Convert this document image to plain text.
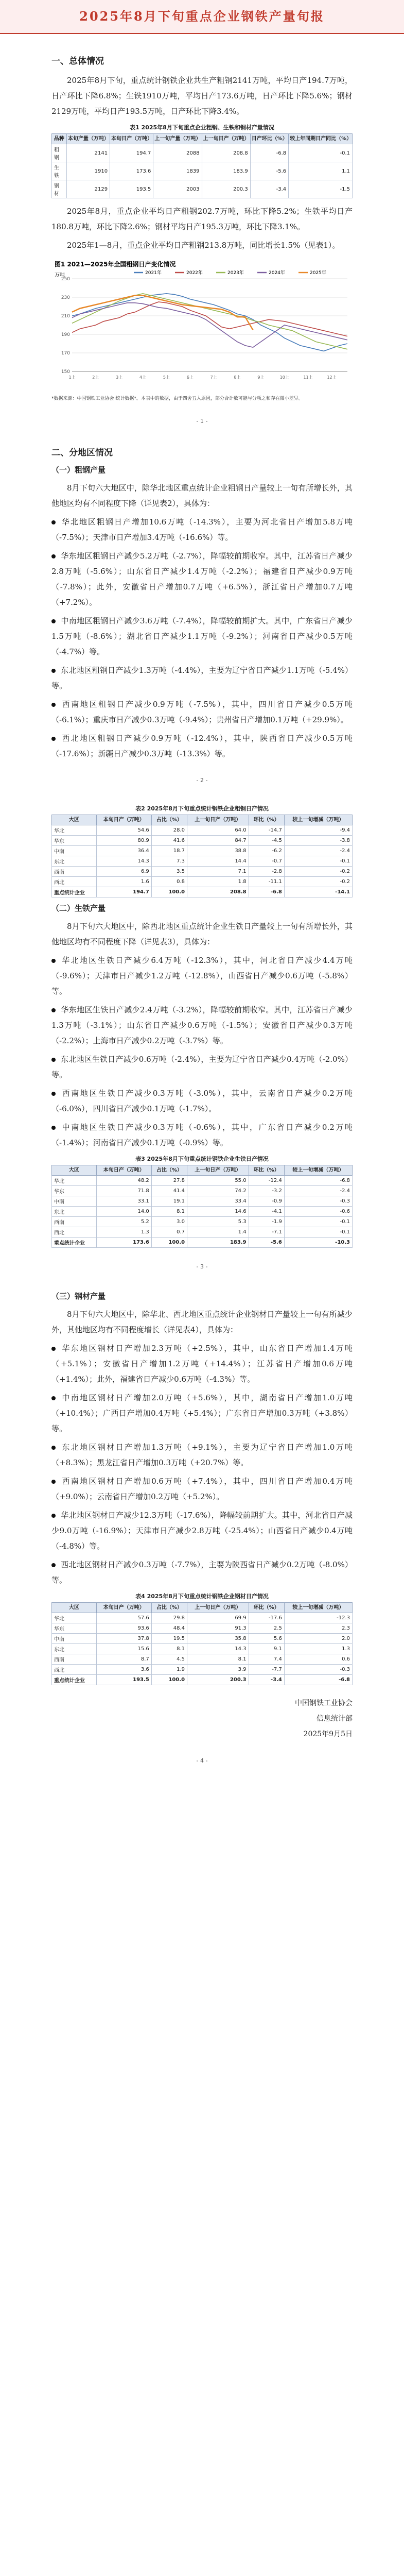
2025年8月下旬重点企业钢铁产量旬报
一、总体情况

2025年8月下旬，重点统计钢铁企业共生产粗钢2141万吨，平均日产194.7万吨，日产环比下降6.8%；生铁1910万吨，平均日产173.6万吨，日产环比下降5.6%；钢材2129万吨，平均日产193.5万吨，日产环比下降3.4%。

表1 2025年8月下旬重点企业粗钢、生铁和钢材产量情况
品种	本旬产量（万吨）	本旬日产（万吨）	上一旬产量（万吨）	上一旬日产（万吨）	日产环比（%）	较上年同期日产同比（%）
粗钢	2141	194.7	2088	208.8	-6.8	-0.1
生铁	1910	173.6	1839	183.9	-5.6	1.1
钢材	2129	193.5	2003	200.3	-3.4	-1.5

2025年8月，重点企业平均日产粗钢202.7万吨，环比下降5.2%；生铁平均日产180.8万吨，环比下降2.6%；钢材平均日产195.3万吨，环比下降3.1%。

2025年1—8月，重点企业平均日产粗钢213.8万吨，同比增长1.5%（见表1）。

图1 2021—2025年全国粗钢日产变化情况
万吨
150
170
190
210
230
250
1上	2上	3上	4上	5上	6上	7上	8上	9上	10上	11上	12上
2021年	2022年	2023年	2024年	2025年
*数据来源：中国钢铁工业协会 统计数据*。本表中的数据，由于四舍五入原因，部分合计数可能与分项之和存在微小差异。
- 1 -
二、分地区情况
（一）粗钢产量

8月下旬六大地区中，除华北地区重点统计企业粗钢日产量较上一旬有所增长外，其他地区均有不同程度下降（详见表2），具体为：

华北地区粗钢日产增加10.6万吨（-14.3%），主要为河北省日产增加5.8万吨（-7.5%）；天津市日产增加3.4万吨（-16.6%）等。

华东地区粗钢日产减少5.2万吨（-2.7%），降幅较前期收窄。其中，江苏省日产减少2.8万吨（-5.6%）；山东省日产减少1.4万吨（-2.2%）；福建省日产减少0.9万吨（-7.8%）；此外，安徽省日产增加0.7万吨（+6.5%），浙江省日产增加0.7万吨（+7.2%）。

中南地区粗钢日产减少3.6万吨（-7.4%），降幅较前期扩大。其中，广东省日产减少1.5万吨（-8.6%）；湖北省日产减少1.1万吨（-9.2%）；河南省日产减少0.5万吨（-4.7%）等。

东北地区粗钢日产减少1.3万吨（-4.4%），主要为辽宁省日产减少1.1万吨（-5.4%）等。

西南地区粗钢日产减少0.9万吨（-7.5%），其中，四川省日产减少0.5万吨（-6.1%）；重庆市日产减少0.3万吨（-9.4%）；贵州省日产增加0.1万吨（+29.9%）。

西北地区粗钢日产减少0.9万吨（-12.4%），其中，陕西省日产减少0.5万吨（-17.6%）；新疆日产减少0.3万吨（-13.3%）等。

- 2 -
表2 2025年8月下旬重点统计钢铁企业粗钢日产情况
大区	本旬日产（万吨）	占比（%）	上一旬日产（万吨）	环比（%）	较上一旬增减（万吨）
华北	54.6	28.0	64.0	-14.7	-9.4
华东	80.9	41.6	84.7	-4.5	-3.8
中南	36.4	18.7	38.8	-6.2	-2.4
东北	14.3	7.3	14.4	-0.7	-0.1
西南	6.9	3.5	7.1	-2.8	-0.2
西北	1.6	0.8	1.8	-11.1	-0.2
重点统计企业	194.7	100.0	208.8	-6.8	-14.1
（二）生铁产量

8月下旬六大地区中，除西北地区重点统计企业生铁日产量较上一旬有所增长外，其他地区均有不同程度下降（详见表3），具体为：

华北地区生铁日产减少6.4万吨（-12.3%），其中，河北省日产减少4.4万吨（-9.6%）；天津市日产减少1.2万吨（-12.8%），山西省日产减少0.6万吨（-5.8%）等。

华东地区生铁日产减少2.4万吨（-3.2%），降幅较前期收窄。其中，江苏省日产减少1.3万吨（-3.1%）；山东省日产减少0.6万吨（-1.5%）；安徽省日产减少0.3万吨（-2.2%）；上海市日产减少0.2万吨（-3.7%）等。

东北地区生铁日产减少0.6万吨（-2.4%），主要为辽宁省日产减少0.4万吨（-2.0%）等。

西南地区生铁日产减少0.3万吨（-3.0%），其中，云南省日产减少0.2万吨（-6.0%），四川省日产减少0.1万吨（-1.7%）。

中南地区生铁日产减少0.3万吨（-0.6%），其中，广东省日产减少0.2万吨（-1.4%）；河南省日产减少0.1万吨（-0.9%）等。

表3 2025年8月下旬重点统计钢铁企业生铁日产情况
大区	本旬日产（万吨）	占比（%）	上一旬日产（万吨）	环比（%）	较上一旬增减（万吨）
华北	48.2	27.8	55.0	-12.4	-6.8
华东	71.8	41.4	74.2	-3.2	-2.4
中南	33.1	19.1	33.4	-0.9	-0.3
东北	14.0	8.1	14.6	-4.1	-0.6
西南	5.2	3.0	5.3	-1.9	-0.1
西北	1.3	0.7	1.4	-7.1	-0.1
重点统计企业	173.6	100.0	183.9	-5.6	-10.3
- 3 -
（三）钢材产量

8月下旬六大地区中，除华北、西北地区重点统计企业钢材日产量较上一旬有所减少外，其他地区均有不同程度增长（详见表4），具体为：

华东地区钢材日产增加2.3万吨（+2.5%），其中，山东省日产增加1.4万吨（+5.1%）；安徽省日产增加1.2万吨（+14.4%）；江苏省日产增加0.6万吨（+1.4%）；此外，福建省日产减少0.6万吨（-4.3%）等。

中南地区钢材日产增加2.0万吨（+5.6%），其中，湖南省日产增加1.0万吨（+10.4%）；广西日产增加0.4万吨（+5.4%）；广东省日产增加0.3万吨（+3.8%）等。

东北地区钢材日产增加1.3万吨（+9.1%），主要为辽宁省日产增加1.0万吨（+8.3%）；黑龙江省日产增加0.3万吨（+20.7%）等。

西南地区钢材日产增加0.6万吨（+7.4%），其中，四川省日产增加0.4万吨（+9.0%）；云南省日产增加0.2万吨（+5.2%）。

华北地区钢材日产减少12.3万吨（-17.6%），降幅较前期扩大。其中，河北省日产减少9.0万吨（-16.9%）；天津市日产减少2.8万吨（-25.4%）；山西省日产减少0.4万吨（-4.8%）等。

西北地区钢材日产减少0.3万吨（-7.7%），主要为陕西省日产减少0.2万吨（-8.0%）等。

表4 2025年8月下旬重点统计钢铁企业钢材日产情况
大区	本旬日产（万吨）	占比（%）	上一旬日产（万吨）	环比（%）	较上一旬增减（万吨）
华北	57.6	29.8	69.9	-17.6	-12.3
华东	93.6	48.4	91.3	2.5	2.3
中南	37.8	19.5	35.8	5.6	2.0
东北	15.6	8.1	14.3	9.1	1.3
西南	8.7	4.5	8.1	7.4	0.6
西北	3.6	1.9	3.9	-7.7	-0.3
重点统计企业	193.5	100.0	200.3	-3.4	-6.8
中国钢铁工业协会
信息统计部
2025年9月5日
- 4 -
